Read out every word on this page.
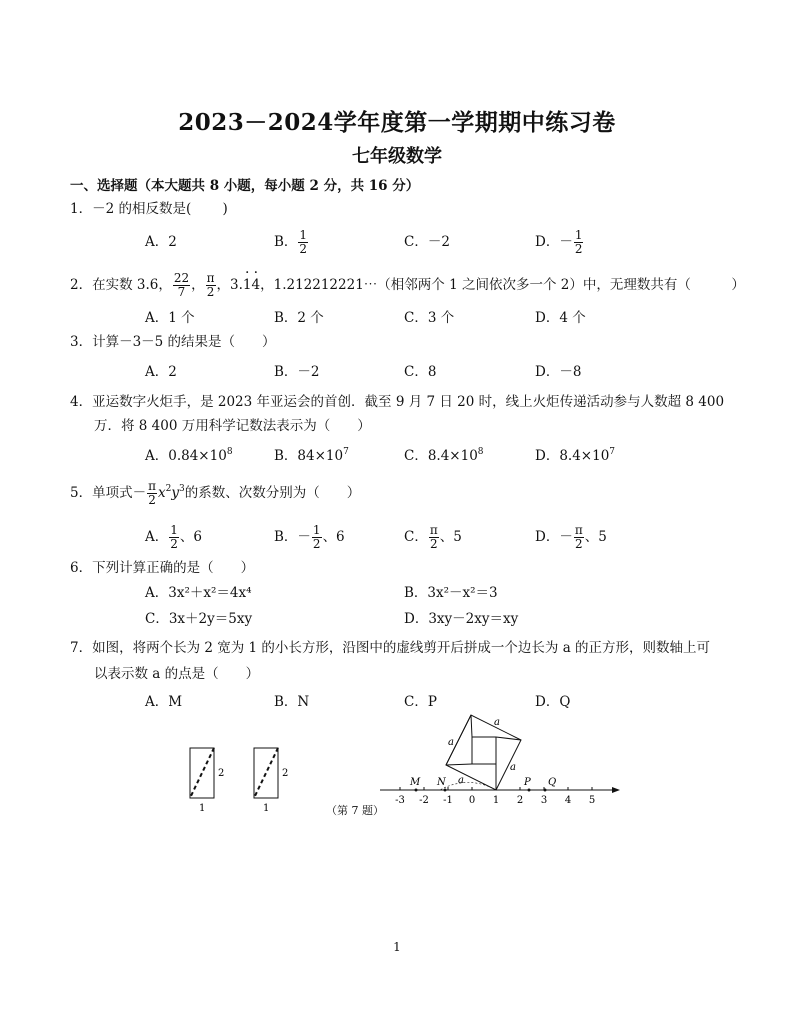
2023－2024学年度第一学期期中练习卷
七年级数学
一、选择题（本大题共 8 小题，每小题 2 分，共 16 分）
1．－2 的相反数是(　　 )
A．2	B． $\frac{1}{2}$	C．－2	D．－ $\frac{1}{2}$
2．在实数 3.6， $\frac{22}{7}$ ， $\frac{\pi}{2}$ ，3.· 1· 4，1.212212221⋯（相邻两个 1 之间依次多一个 2）中，无理数共有（　　　）
A．1 个	B．2 个	C．3 个	D．4 个
3．计算－3－5 的结果是（　　）
A．2	B．－2	C．8	D．－8
4．亚运数字火炬手，是 2023 年亚运会的首创．截至 9 月 7 日 20 时，线上火炬传递活动参与人数超 8 400
万．将 8 400 万用科学记数法表示为（　　）
A．$0.84\times 10^8$	B．$84\times 10^7$	C．$8.4\times 10^8$	D．$8.4\times 10^7$
5．单项式－ $\frac{\pi}{2} x^2y^3$的系数、次数分别为（　　）
A． $\frac{1}{2}$ 、6	B．－ $\frac{1}{2}$ 、6	C． $\frac{\pi}{2}$ 、5	D．－ $\frac{\pi}{2}$ 、5
6．下列计算正确的是（　　）
A．3x²＋x²＝4x⁴	B．3x²－x²＝3
C．3x＋2y＝5xy	D．3xy－2xy＝xy
7．如图，将两个长为 2 宽为 1 的小长方形，沿图中的虚线剪开后拼成一个边长为 a 的正方形，则数轴上可
以表示数 a 的点是（　　）
A．M	B．N	C．P	D．Q
2
1
2
1
a
a
a
a
-3 -2 -1 0 1 2 3 4 5
M N	P Q
（第 7 题）
1
